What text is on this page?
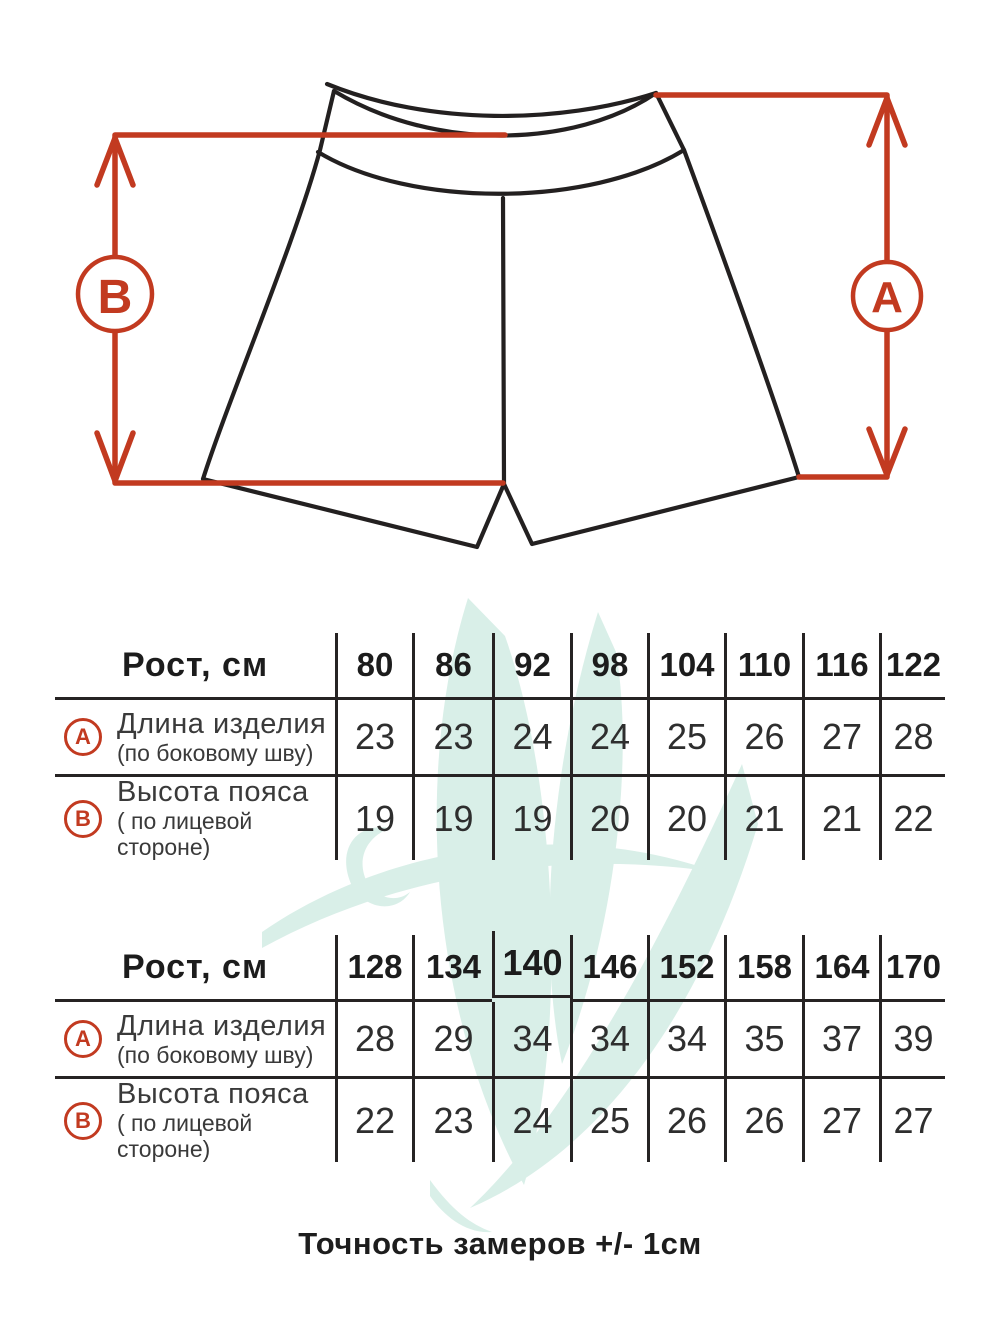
B	A
Рост, см	80	86	92	98 104 110 116 122
A Длина изделия
(по боковому шву)	23	23	24	24	25	26	27 28
B
Высота пояса
( по лицевой стороне)
19	19	19	20	20	21	21 22
Рост, см	128 134 140 146 152 158 164 170
A Длина изделия
(по боковому шву)	28	29	34	34	34	35	37 39
B
Высота пояса
( по лицевой стороне)
22	23	24	25	26	26	27 27
Точность замеров +/- 1см
